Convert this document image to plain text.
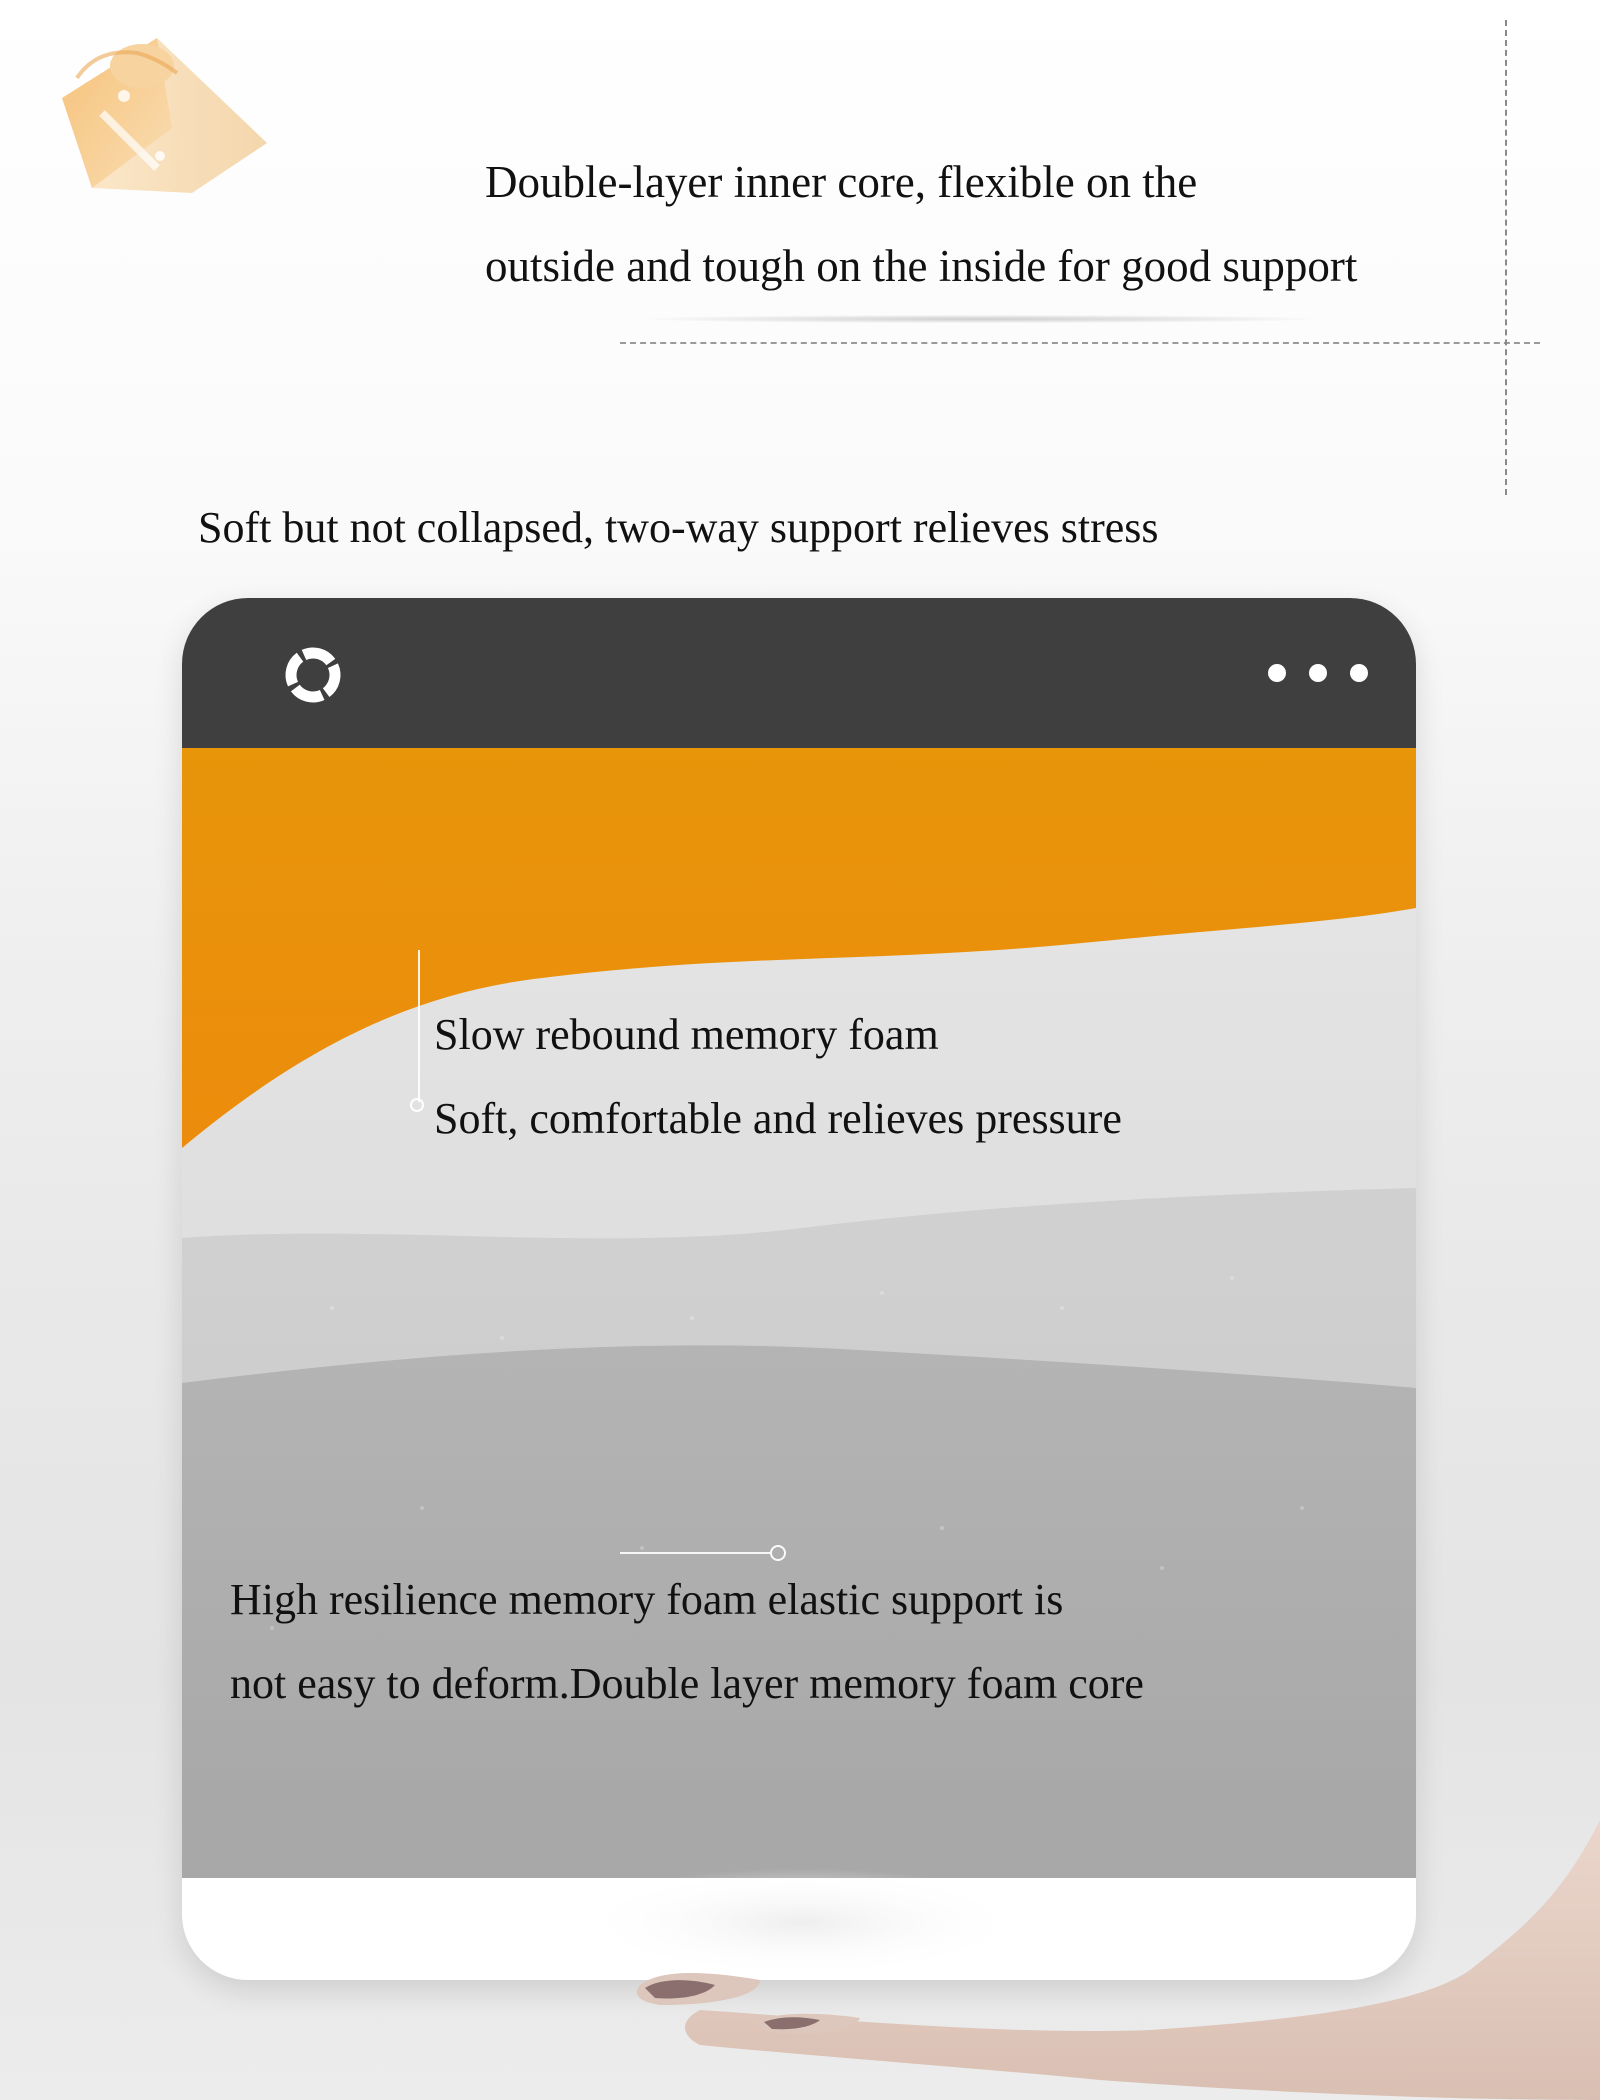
Double-layer inner core, flexible on the
outside and tough on the inside for good support
Soft but not collapsed, two-way support relieves stress
Slow rebound memory foam
Soft, comfortable and relieves pressure
High resilience memory foam elastic support is
not easy to deform.Double layer memory foam core
